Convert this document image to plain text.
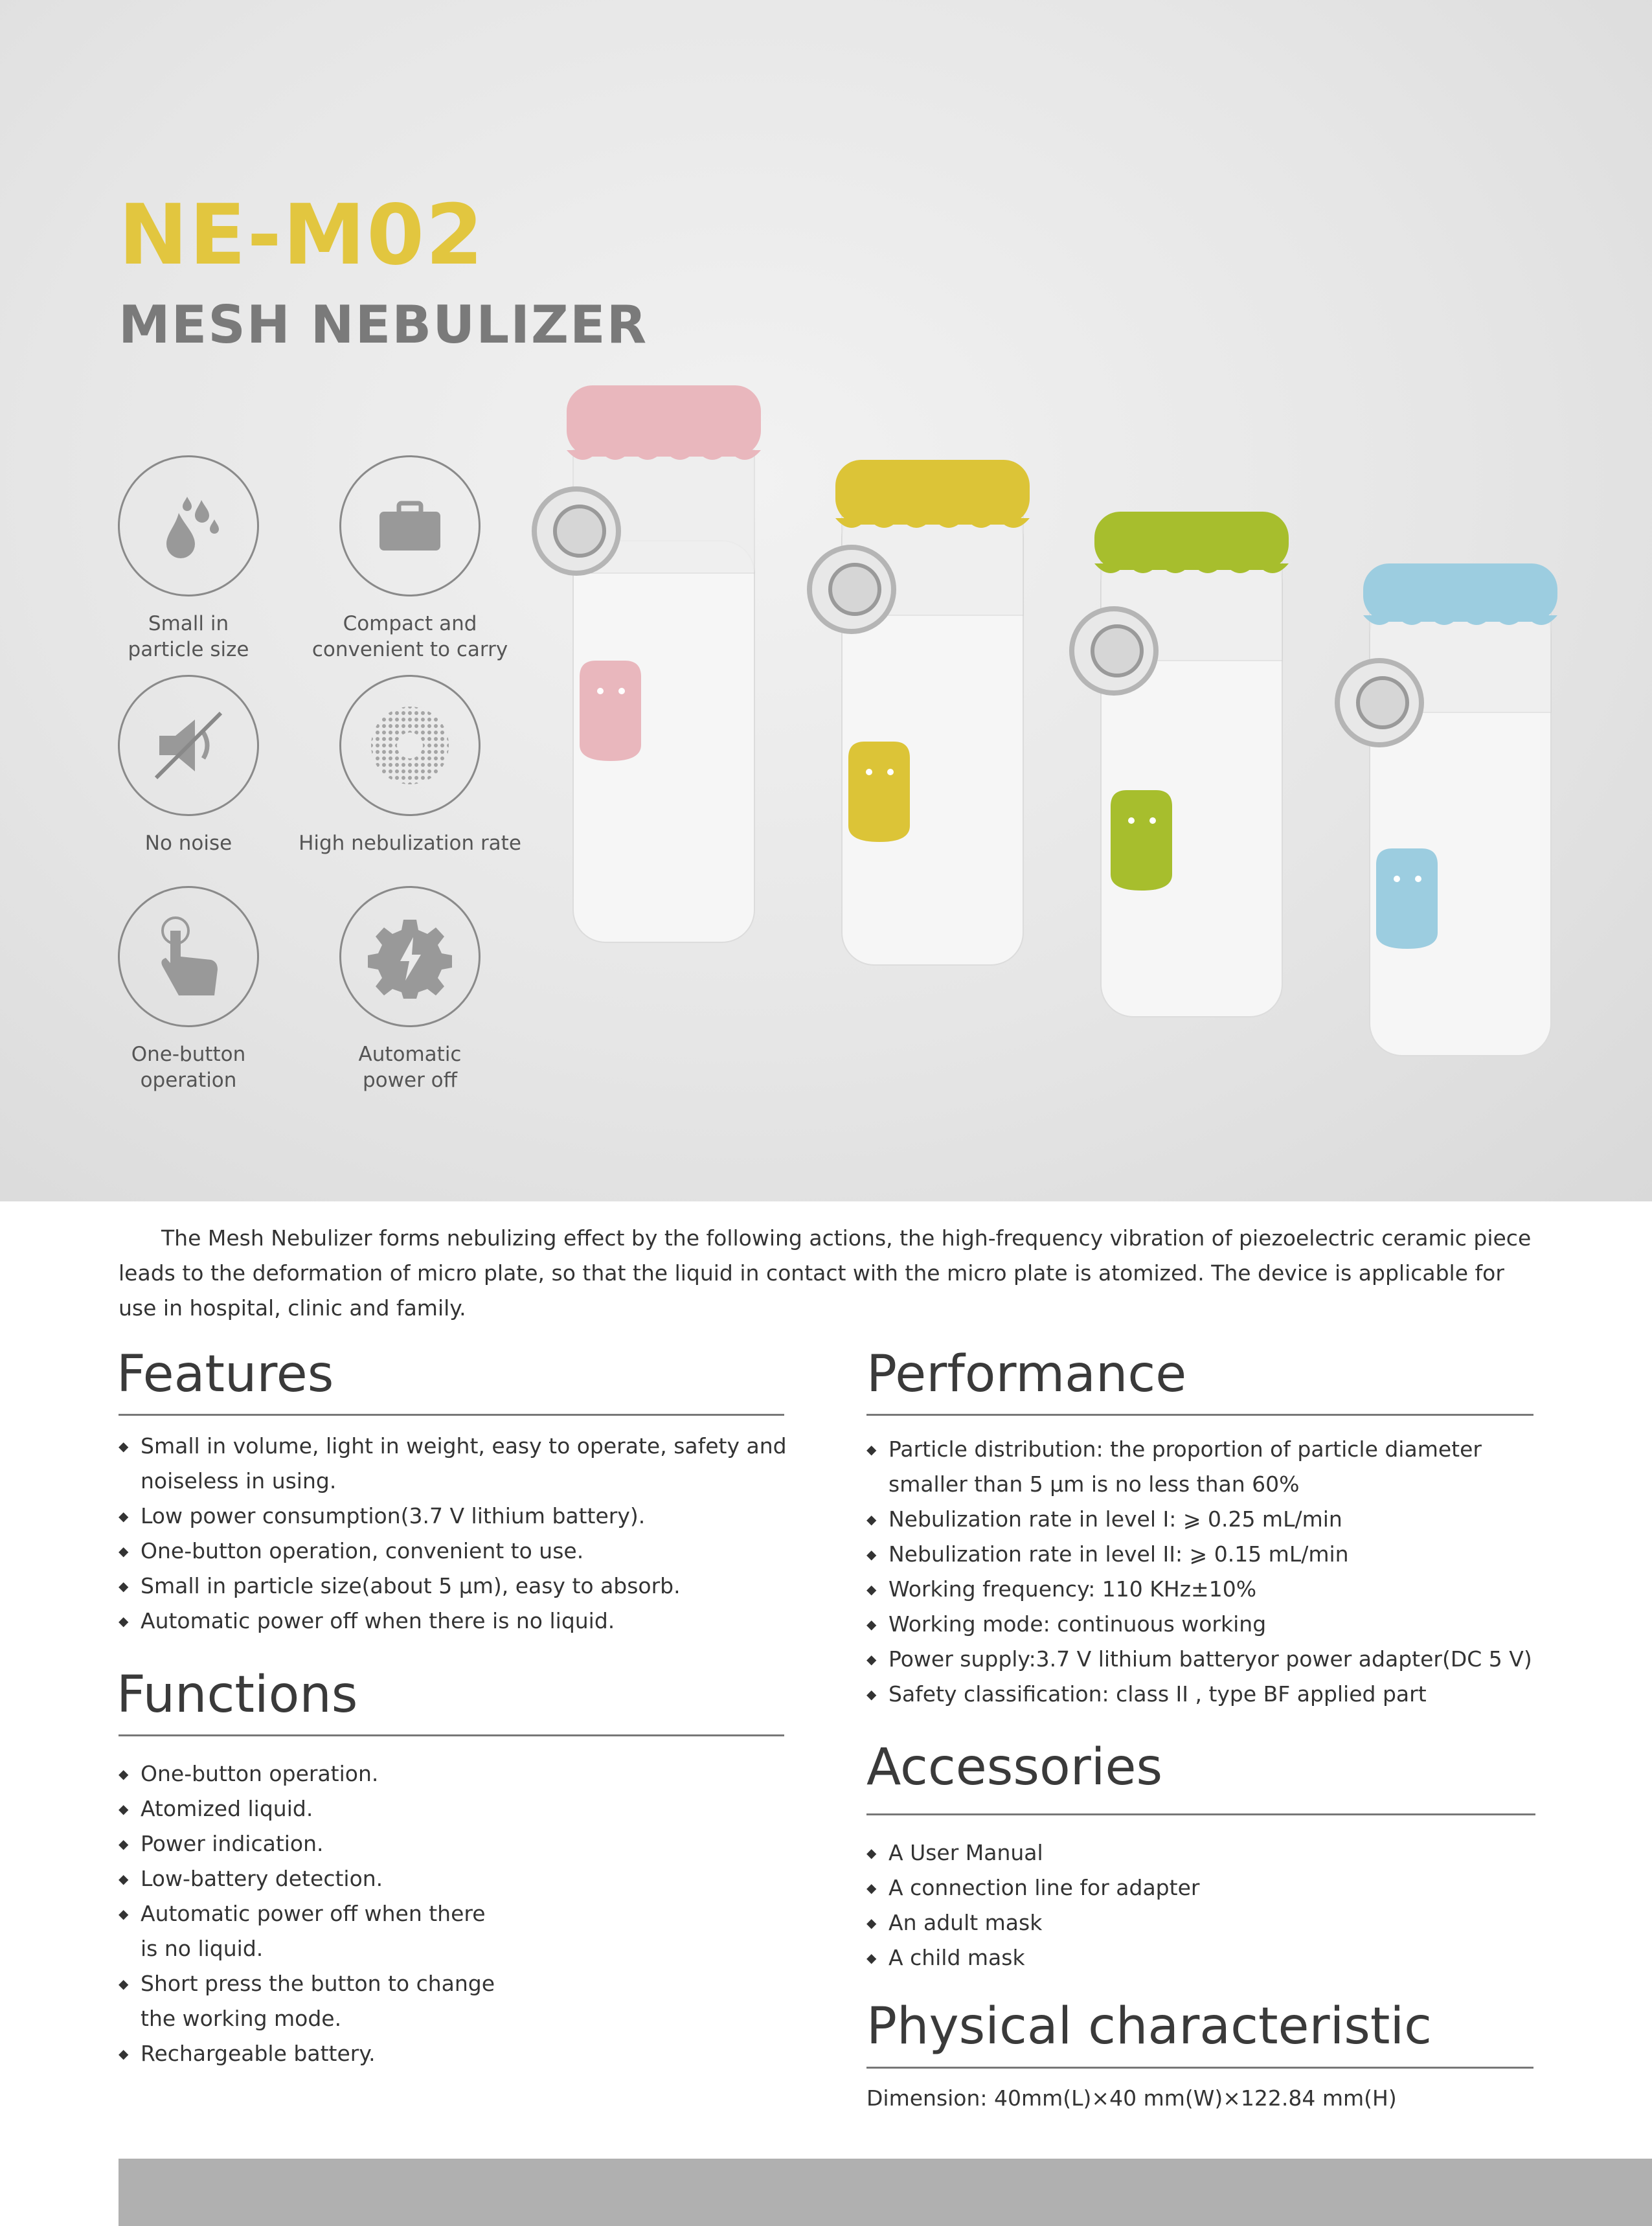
NE-M02
MESH NEBULIZER
Small in
particle size
Compact and
convenient to carry
No noise	High nebulization rate
One-button
operation
Automatic
power off

The Mesh Nebulizer forms nebulizing effect by the following actions, the high-frequency vibration of piezoelectric ceramic piece leads to the deformation of micro plate, so that the liquid in contact with the micro plate is atomized. The device is applicable for use in hospital, clinic and family.

Features
◆ Small in volume, light in weight, easy to operate, safety and noiseless in using.
◆ Low power consumption(3.7 V lithium battery).
◆ One-button operation, convenient to use.
◆ Small in particle size(about 5 µm), easy to absorb.
◆ Automatic power off when there is no liquid.
Functions
◆ One-button operation.
◆ Atomized liquid.
◆ Power indication.
◆ Low-battery detection.
◆ Automatic power off when there is no liquid.
◆ Short press the button to change the working mode.
◆ Rechargeable battery.
Performance
◆ Particle distribution: the proportion of particle diameter smaller than 5 µm is no less than 60%
◆ Nebulization rate in level I: ⩾ 0.25 mL/min
◆ Nebulization rate in level II: ⩾ 0.15 mL/min
◆ Working frequency: 110 KHz±10%
◆ Working mode: continuous working
◆ Power supply:3.7 V lithium batteryor power adapter(DC 5 V)
◆ Safety classification: class II , type BF applied part
Accessories
◆ A User Manual
◆ A connection line for adapter
◆ An adult mask
◆ A child mask
Physical characteristic
Dimension: 40mm(L)×40 mm(W)×122.84 mm(H)
